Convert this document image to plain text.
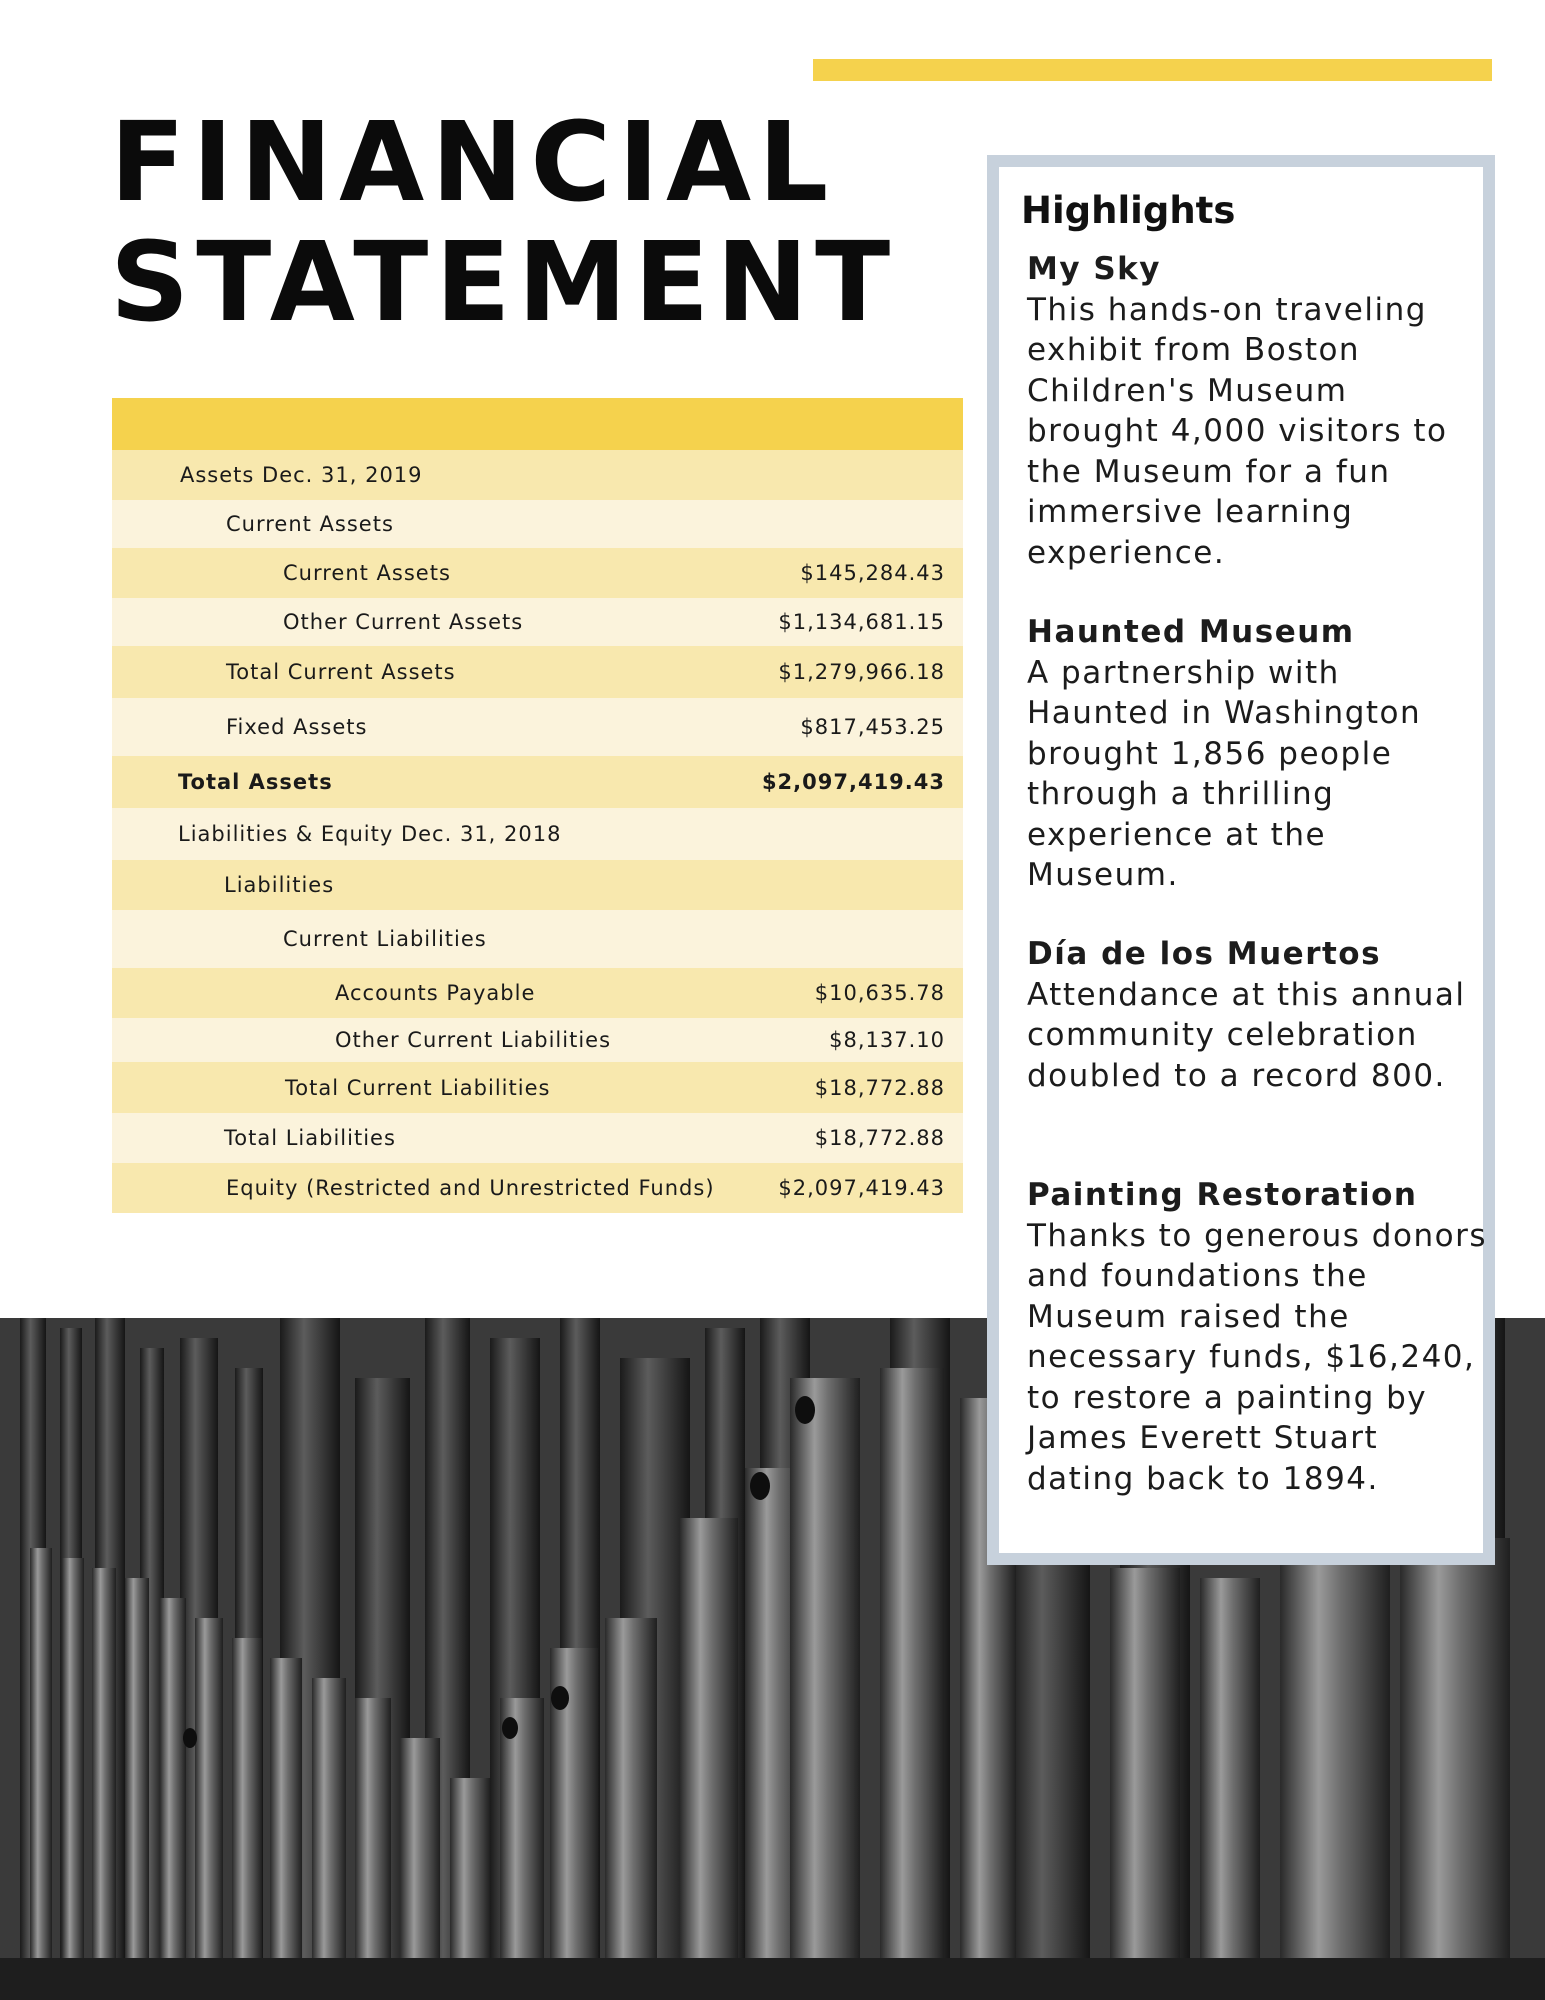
FINANCIAL
STATEMENT
Assets Dec. 31, 2019
Current Assets
Current Assets	$145,284.43
Other Current Assets	$1,134,681.15
Total Current Assets	$1,279,966.18
Fixed Assets	$817,453.25
Total Assets	$2,097,419.43
Liabilities & Equity Dec. 31, 2018
Liabilities
Current Liabilities
Accounts Payable	$10,635.78
Other Current Liabilities	$8,137.10
Total Current Liabilities	$18,772.88
Total Liabilities	$18,772.88
Equity (Restricted and Unrestricted Funds)	$2,097,419.43
Highlights
My Sky
This hands-on traveling exhibit from Boston Children's Museum brought 4,000 visitors to the Museum for a fun immersive learning experience.
Haunted Museum
A partnership with Haunted in Washington brought 1,856 people through a thrilling experience at the Museum.
Día de los Muertos
Attendance at this annual community celebration doubled to a record 800.
Painting Restoration
Thanks to generous donors and foundations the Museum raised the necessary funds, $16,240, to restore a painting by James Everett Stuart dating back to 1894.
